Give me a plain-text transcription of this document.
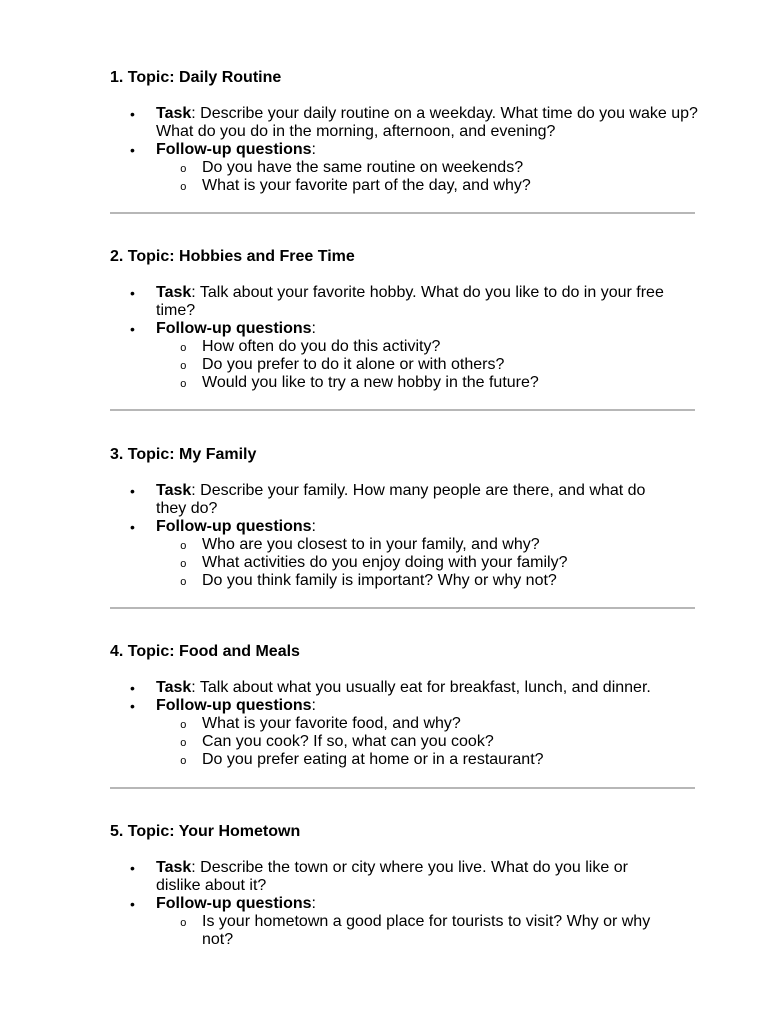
1. Topic: Daily Routine

• Task: Describe your daily routine on a weekday. What time do you wake up? What do you do in the morning, afternoon, and evening?
• Follow-up questions:
o Do you have the same routine on weekends?
o What is your favorite part of the day, and why?

2. Topic: Hobbies and Free Time

• Task: Talk about your favorite hobby. What do you like to do in your free time?
• Follow-up questions:
o How often do you do this activity?
o Do you prefer to do it alone or with others?
o Would you like to try a new hobby in the future?

3. Topic: My Family

• Task: Describe your family. How many people are there, and what do they do?
• Follow-up questions:
o Who are you closest to in your family, and why?
o What activities do you enjoy doing with your family?
o Do you think family is important? Why or why not?

4. Topic: Food and Meals

• Task: Talk about what you usually eat for breakfast, lunch, and dinner.
• Follow-up questions:
o What is your favorite food, and why?
o Can you cook? If so, what can you cook?
o Do you prefer eating at home or in a restaurant?

5. Topic: Your Hometown

• Task: Describe the town or city where you live. What do you like or dislike about it?
• Follow-up questions:
o Is your hometown a good place for tourists to visit? Why or why not?
